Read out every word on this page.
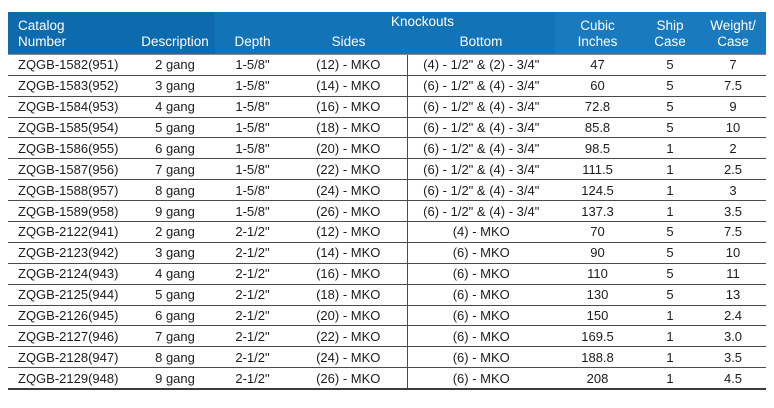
Catalog Number	Description	Depth	Knockouts		Cubic Inches	Ship Case	Weight/ Case
			Sides	Bottom			
ZQGB-1582(951)	2 gang	1-5/8"	(12) - MKO	(4) - 1/2" & (2) - 3/4"	47	5	7
ZQGB-1583(952)	3 gang	1-5/8"	(14) - MKO	(6) - 1/2" & (4) - 3/4"	60	5	7.5
ZQGB-1584(953)	4 gang	1-5/8"	(16) - MKO	(6) - 1/2" & (4) - 3/4"	72.8	5	9
ZQGB-1585(954)	5 gang	1-5/8"	(18) - MKO	(6) - 1/2" & (4) - 3/4"	85.8	5	10
ZQGB-1586(955)	6 gang	1-5/8"	(20) - MKO	(6) - 1/2" & (4) - 3/4"	98.5	1	2
ZQGB-1587(956)	7 gang	1-5/8"	(22) - MKO	(6) - 1/2" & (4) - 3/4"	111.5	1	2.5
ZQGB-1588(957)	8 gang	1-5/8"	(24) - MKO	(6) - 1/2" & (4) - 3/4"	124.5	1	3
ZQGB-1589(958)	9 gang	1-5/8"	(26) - MKO	(6) - 1/2" & (4) - 3/4"	137.3	1	3.5
ZQGB-2122(941)	2 gang	2-1/2"	(12) - MKO	(4) - MKO	70	5	7.5
ZQGB-2123(942)	3 gang	2-1/2"	(14) - MKO	(6) - MKO	90	5	10
ZQGB-2124(943)	4 gang	2-1/2"	(16) - MKO	(6) - MKO	110	5	11
ZQGB-2125(944)	5 gang	2-1/2"	(18) - MKO	(6) - MKO	130	5	13
ZQGB-2126(945)	6 gang	2-1/2"	(20) - MKO	(6) - MKO	150	1	2.4
ZQGB-2127(946)	7 gang	2-1/2"	(22) - MKO	(6) - MKO	169.5	1	3.0
ZQGB-2128(947)	8 gang	2-1/2"	(24) - MKO	(6) - MKO	188.8	1	3.5
ZQGB-2129(948)	9 gang	2-1/2"	(26) - MKO	(6) - MKO	208	1	4.5
